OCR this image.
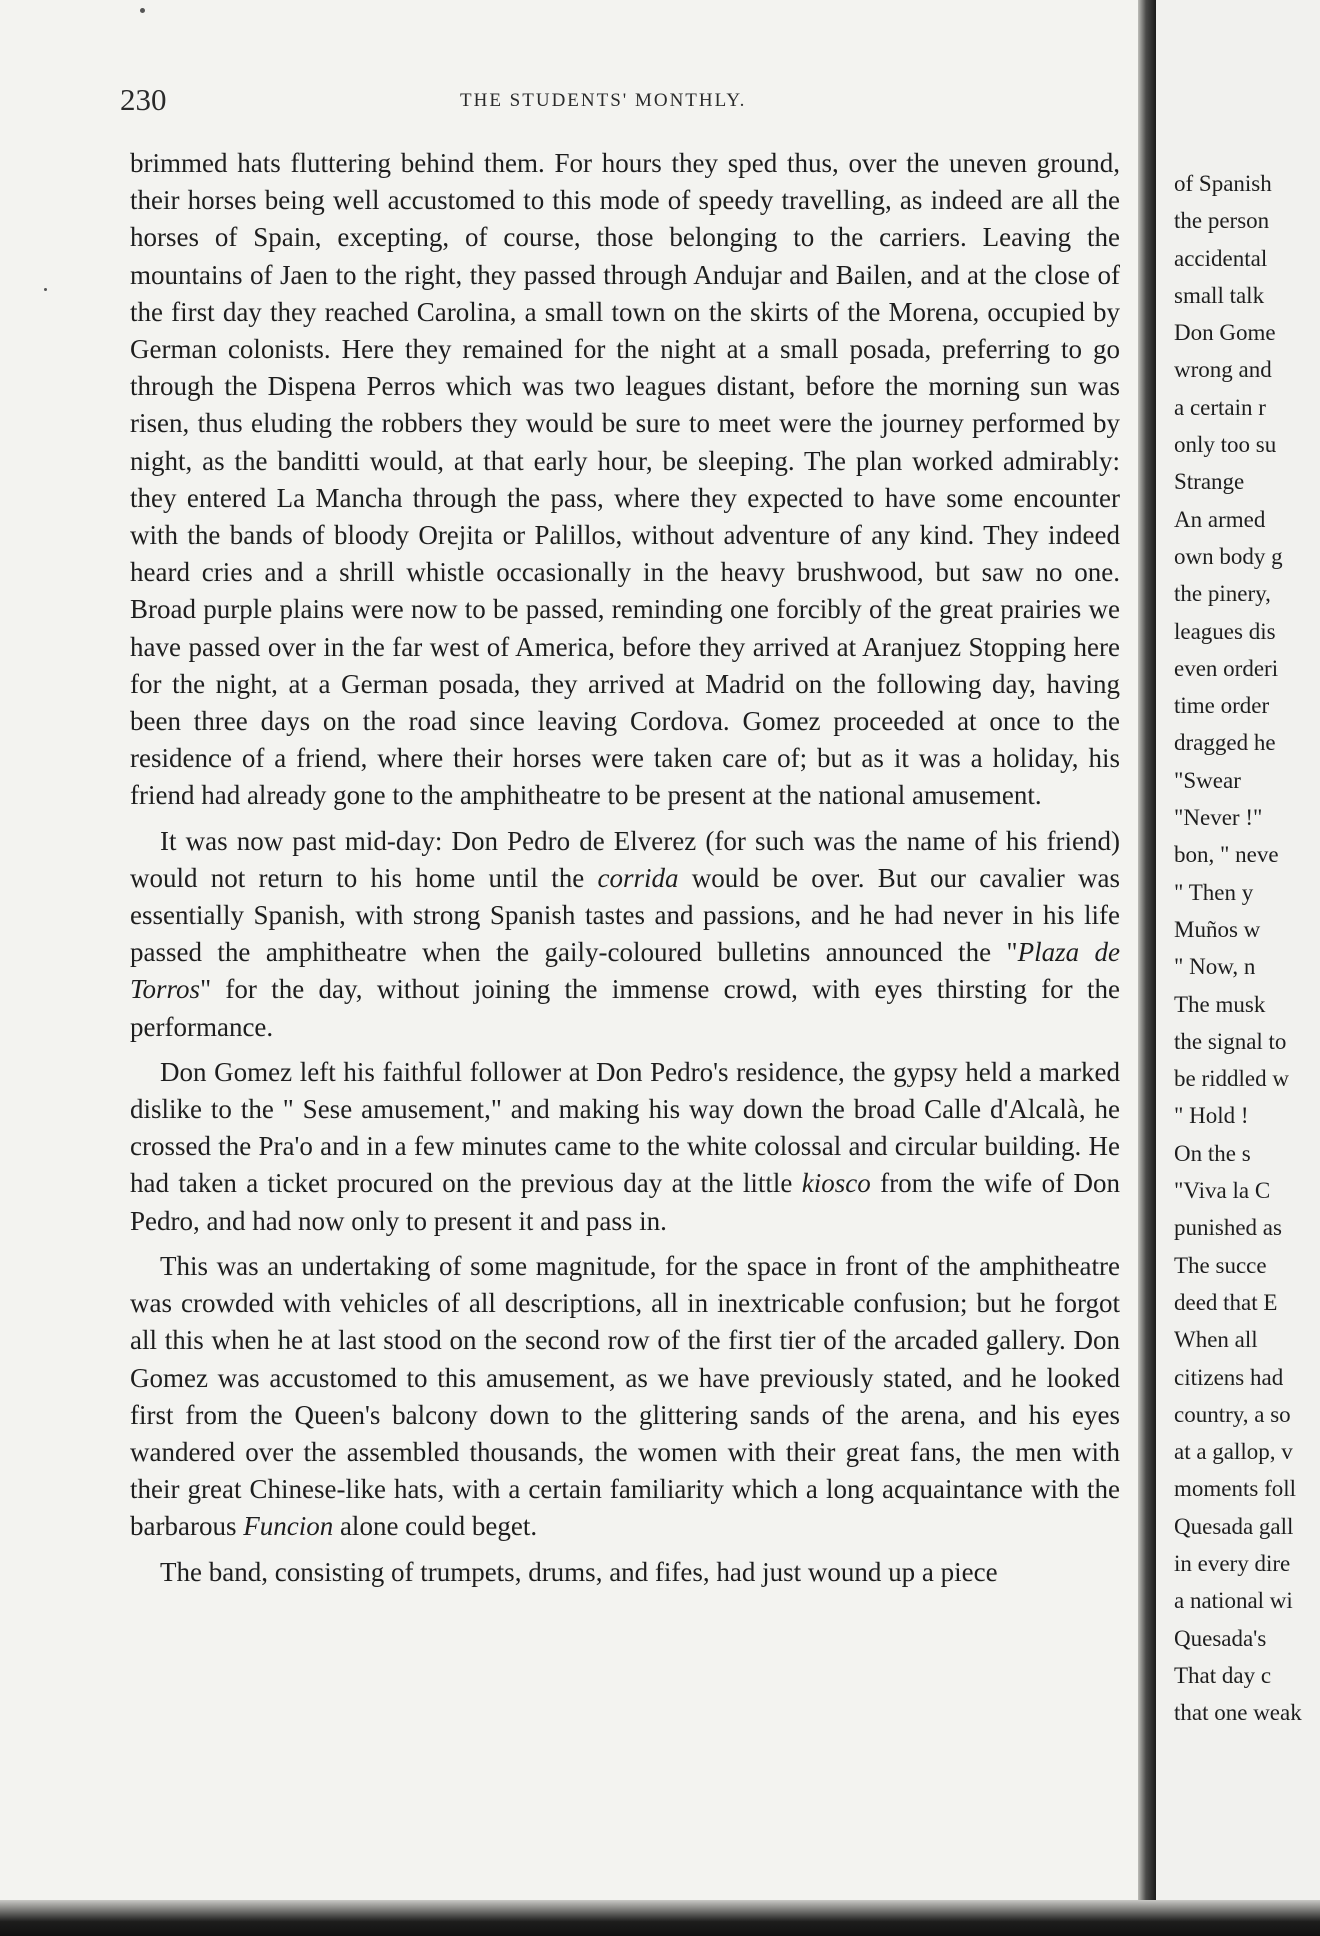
230	THE STUDENTS' MONTHLY.

brimmed hats fluttering behind them. For hours they sped thus, over the uneven ground, their horses being well accustomed to this mode of speedy travelling, as indeed are all the horses of Spain, excepting, of course, those belonging to the carriers. Leaving the mountains of Jaen to the right, they passed through Andujar and Bailen, and at the close of the first day they reached Carolina, a small town on the skirts of the Morena, occupied by German colonists. Here they remained for the night at a small posada, preferring to go through the Dispena Perros which was two leagues distant, before the morning sun was risen, thus eluding the robbers they would be sure to meet were the journey performed by night, as the banditti would, at that early hour, be sleeping. The plan worked admirably: they entered La Mancha through the pass, where they expected to have some encounter with the bands of bloody Orejita or Palillos, without adventure of any kind. They indeed heard cries and a shrill whistle occasionally in the heavy brushwood, but saw no one. Broad purple plains were now to be passed, reminding one forcibly of the great prairies we have passed over in the far west of America, before they arrived at Aranjuez Stopping here for the night, at a German posada, they arrived at Madrid on the following day, having been three days on the road since leaving Cordova. Gomez proceeded at once to the residence of a friend, where their horses were taken care of; but as it was a holiday, his friend had already gone to the amphitheatre to be present at the national amusement.

It was now past mid-day: Don Pedro de Elverez (for such was the name of his friend) would not return to his home until the corrida would be over. But our cavalier was essentially Spanish, with strong Spanish tastes and passions, and he had never in his life passed the amphitheatre when the gaily-coloured bulletins announced the "Plaza de Torros" for the day, without joining the immense crowd, with eyes thirsting for the performance.

Don Gomez left his faithful follower at Don Pedro's residence, the gypsy held a marked dislike to the " Sese amusement," and making his way down the broad Calle d'Alcalà, he crossed the Pra'o and in a few minutes came to the white colossal and circular building. He had taken a ticket procured on the previous day at the little kiosco from the wife of Don Pedro, and had now only to present it and pass in.

This was an undertaking of some magnitude, for the space in front of the amphitheatre was crowded with vehicles of all descriptions, all in inextricable confusion; but he forgot all this when he at last stood on the second row of the first tier of the arcaded gallery. Don Gomez was accustomed to this amusement, as we have previously stated, and he looked first from the Queen's balcony down to the glittering sands of the arena, and his eyes wandered over the assembled thousands, the women with their great fans, the men with their great Chinese-like hats, with a certain familiarity which a long acquaintance with the barbarous Funcion alone could beget.

The band, consisting of trumpets, drums, and fifes, had just wound up a piece

of Spanish
the person
accidental
small talk
Don Gome
wrong and
a certain r
only too su
Strange
An armed
own body g
the pinery,
leagues dis
even orderi
time order
dragged he
"Swear
"Never !"
bon, " neve
" Then y
Muños w
" Now, n
The musk
the signal to
be riddled w
" Hold !
On the s
"Viva la C
punished as
The succe
deed that E
When all
citizens had
country, a so
at a gallop, v
moments foll
Quesada gall
in every dire
a national wi
Quesada's
That day c
that one weak
